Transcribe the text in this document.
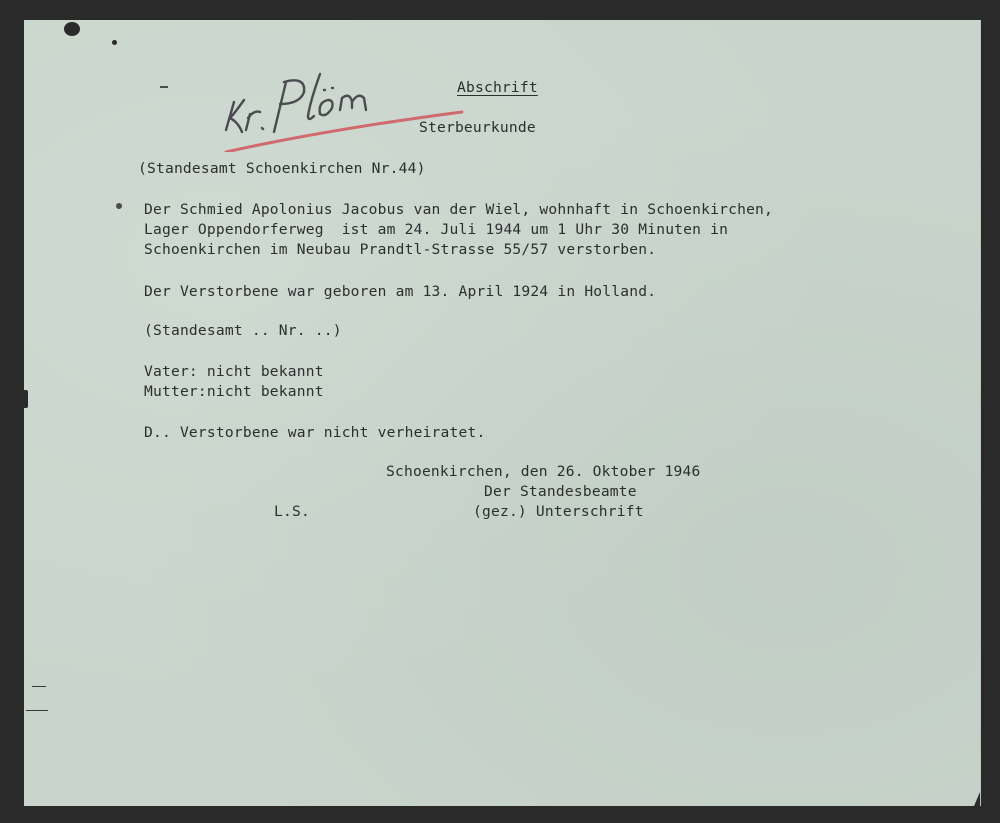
Abschrift
Sterbeurkunde
(Standesamt Schoenkirchen Nr.44)
Der Schmied Apolonius Jacobus van der Wiel, wohnhaft in Schoenkirchen,
Lager Oppendorferweg  ist am 24. Juli 1944 um 1 Uhr 30 Minuten in
Schoenkirchen im Neubau Prandtl-Strasse 55/57 verstorben.
Der Verstorbene war geboren am 13. April 1924 in Holland.
(Standesamt .. Nr. ..)
Vater: nicht bekannt
Mutter:nicht bekannt
D.. Verstorbene war nicht verheiratet.
Schoenkirchen, den 26. Oktober 1946
Der Standesbeamte
L.S.	(gez.) Unterschrift
